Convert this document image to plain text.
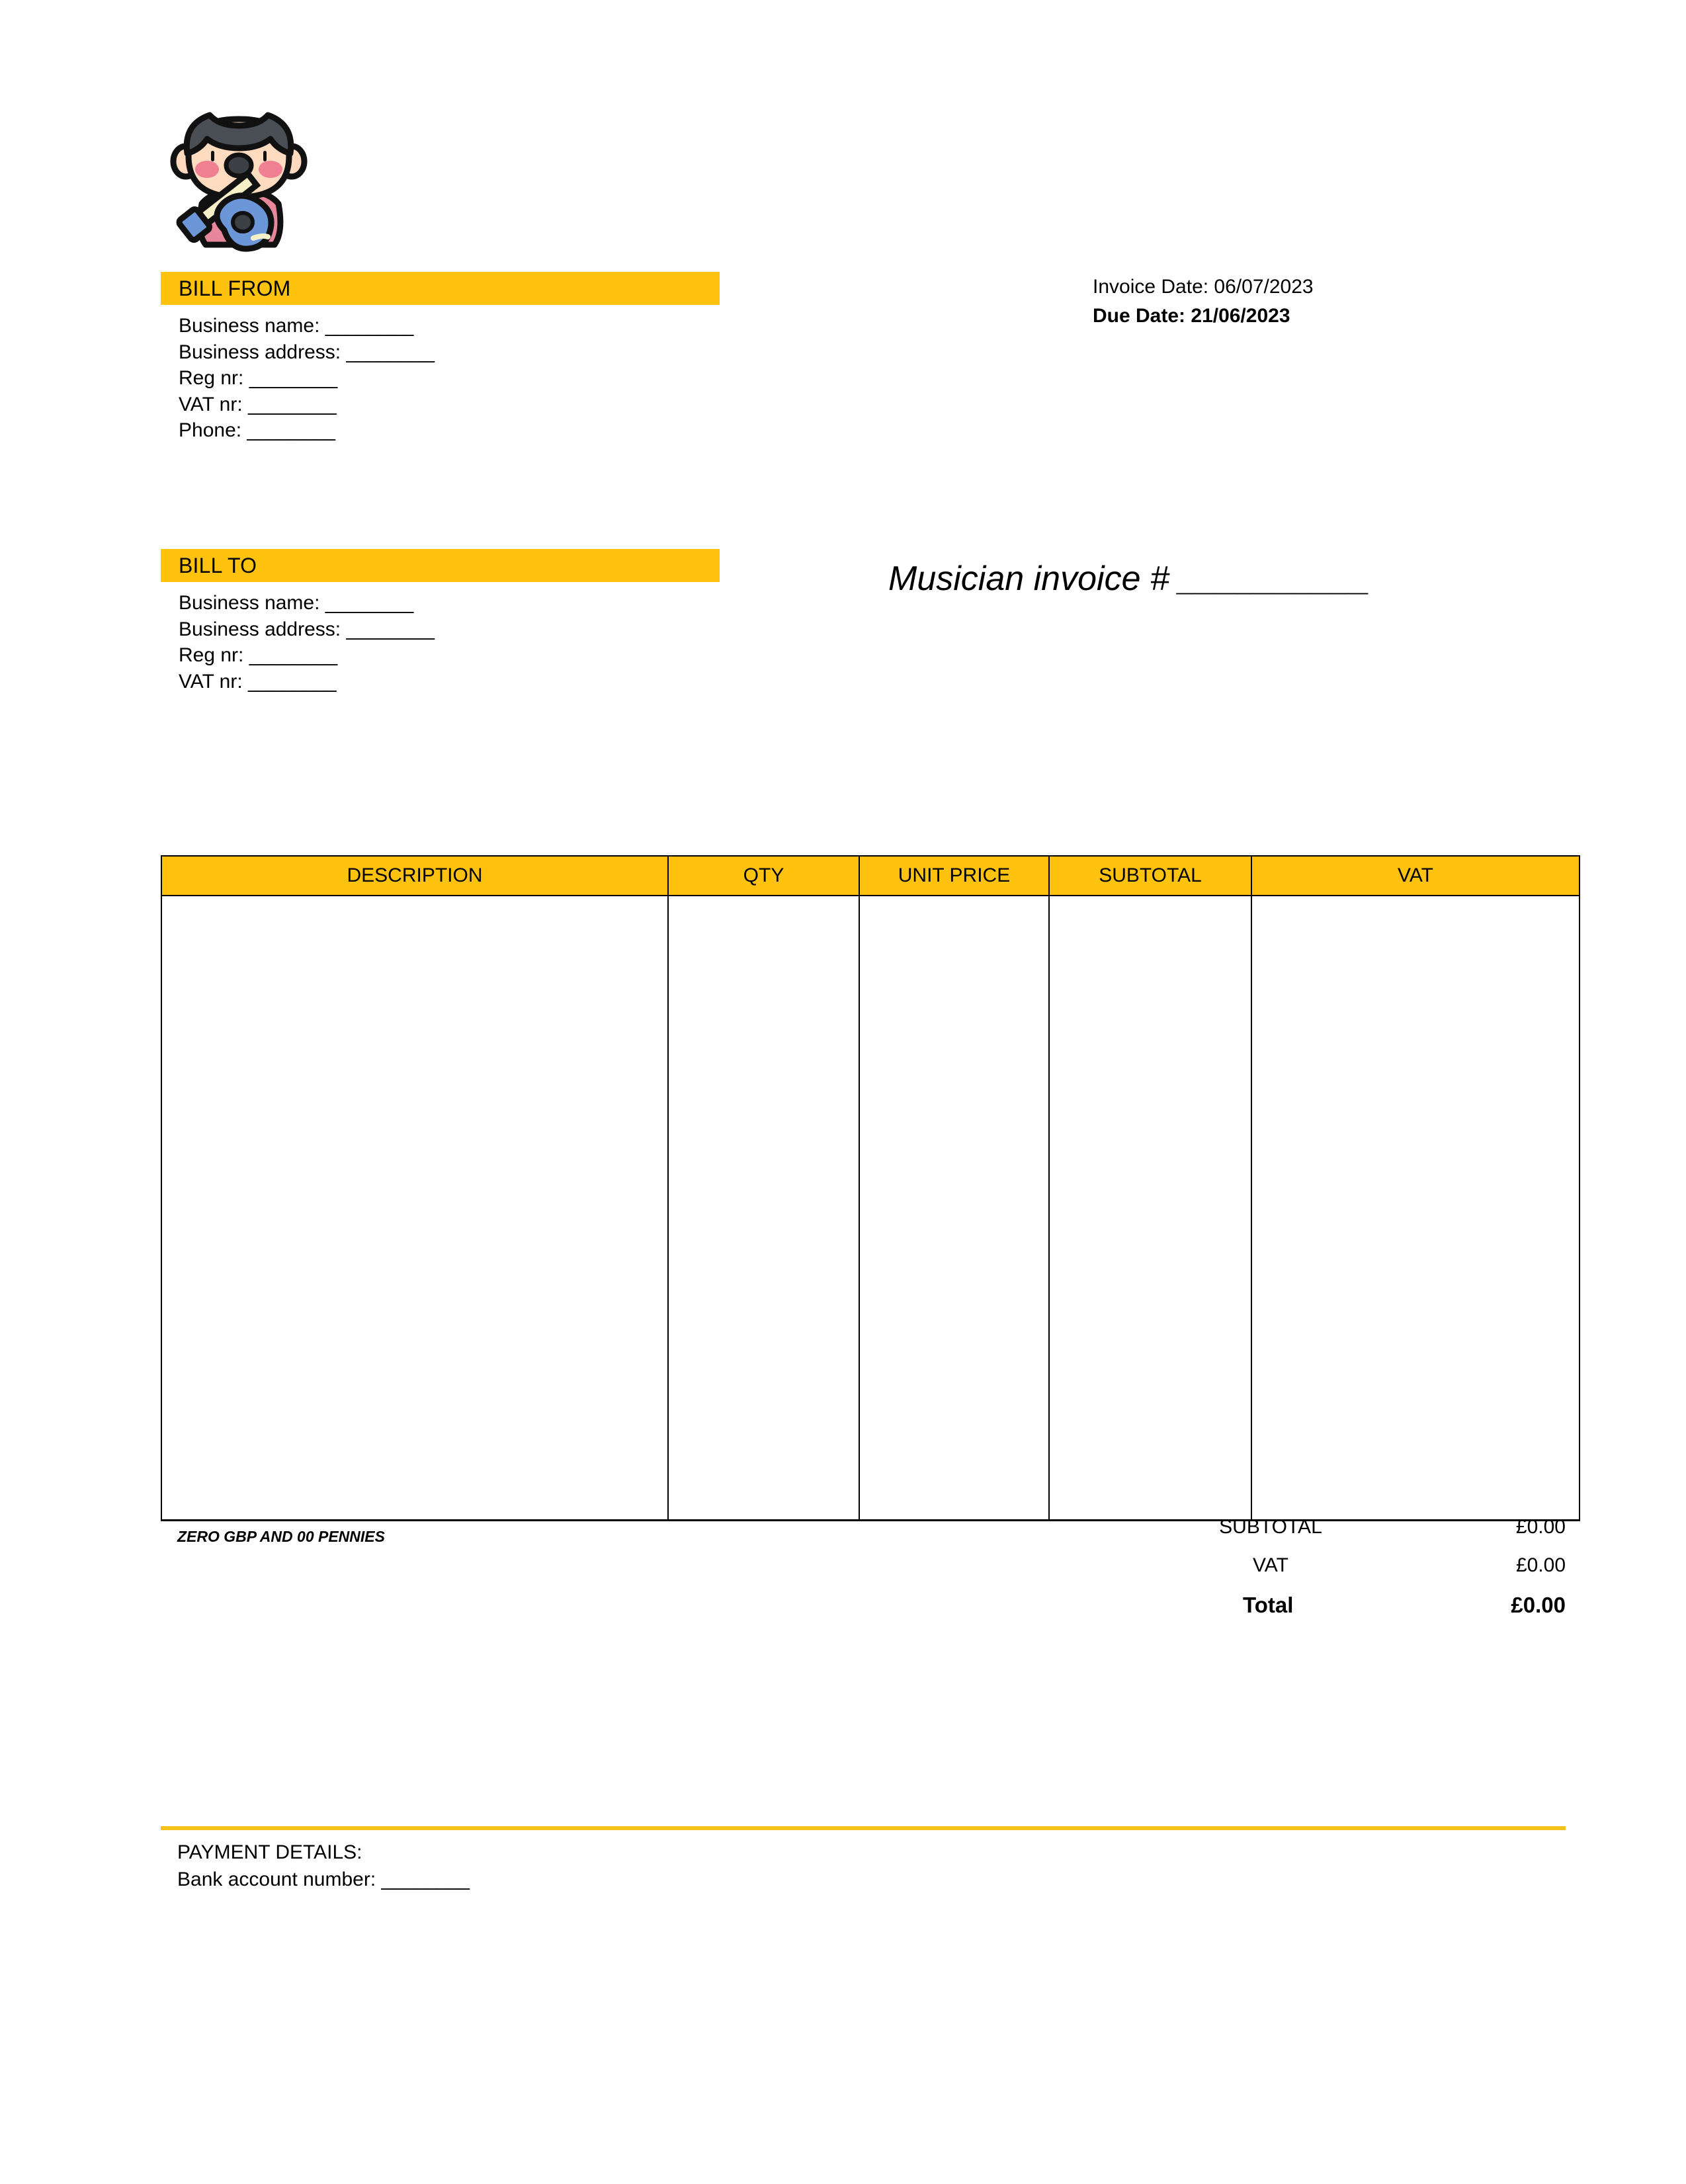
BILL FROM
Business name: ________
Business address: ________
Reg nr: ________
VAT nr: ________
Phone: ________
Invoice Date: 06/07/2023
Due Date: 21/06/2023
BILL TO
Business name: ________
Business address: ________
Reg nr: ________
VAT nr: ________
Musician invoice # __________
DESCRIPTION	QTY	UNIT PRICE	SUBTOTAL	VAT

ZERO GBP AND 00 PENNIES	SUBTOTAL	£0.00
VAT	£0.00
Total	£0.00
PAYMENT DETAILS:
Bank account number: ________
